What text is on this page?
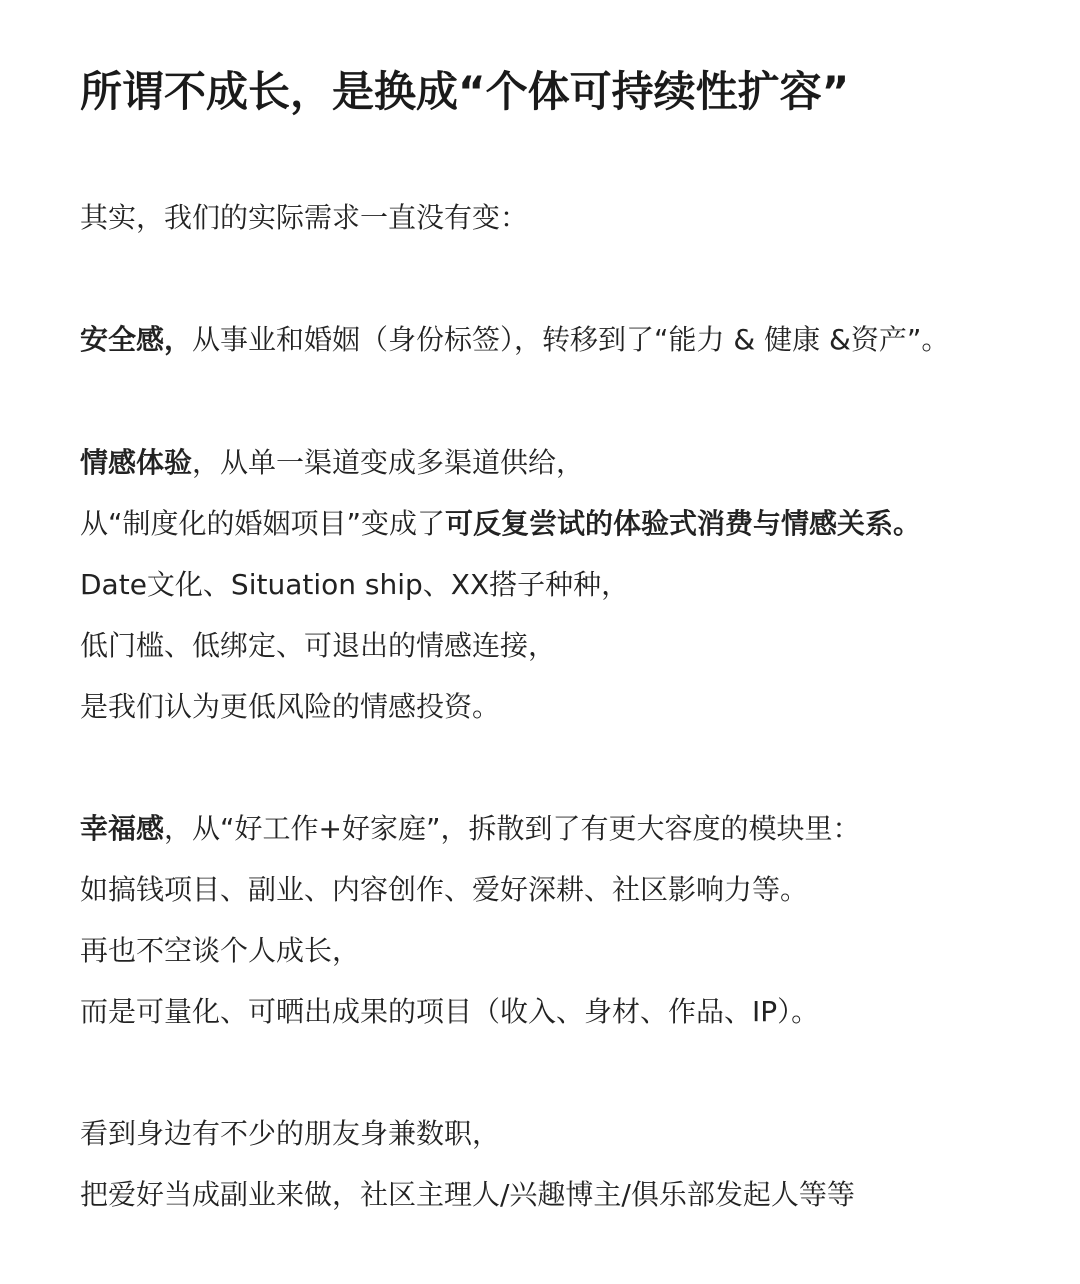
所谓不成长，是换成“个体可持续性扩容”
其实，我们的实际需求一直没有变：
安全感，从事业和婚姻（身份标签），转移到了“能力 & 健康 &资产”。
情感体验，从单一渠道变成多渠道供给，
从“制度化的婚姻项目”变成了可反复尝试的体验式消费与情感关系。
Date文化、Situation ship、XX搭子种种，
低门槛、低绑定、可退出的情感连接，
是我们认为更低风险的情感投资。
幸福感，从“好工作+好家庭”，拆散到了有更大容度的模块里：
如搞钱项目、副业、内容创作、爱好深耕、社区影响力等。
再也不空谈个人成长，
而是可量化、可晒出成果的项目（收入、身材、作品、IP）。
看到身边有不少的朋友身兼数职，
把爱好当成副业来做，社区主理人/兴趣博主/俱乐部发起人等等
